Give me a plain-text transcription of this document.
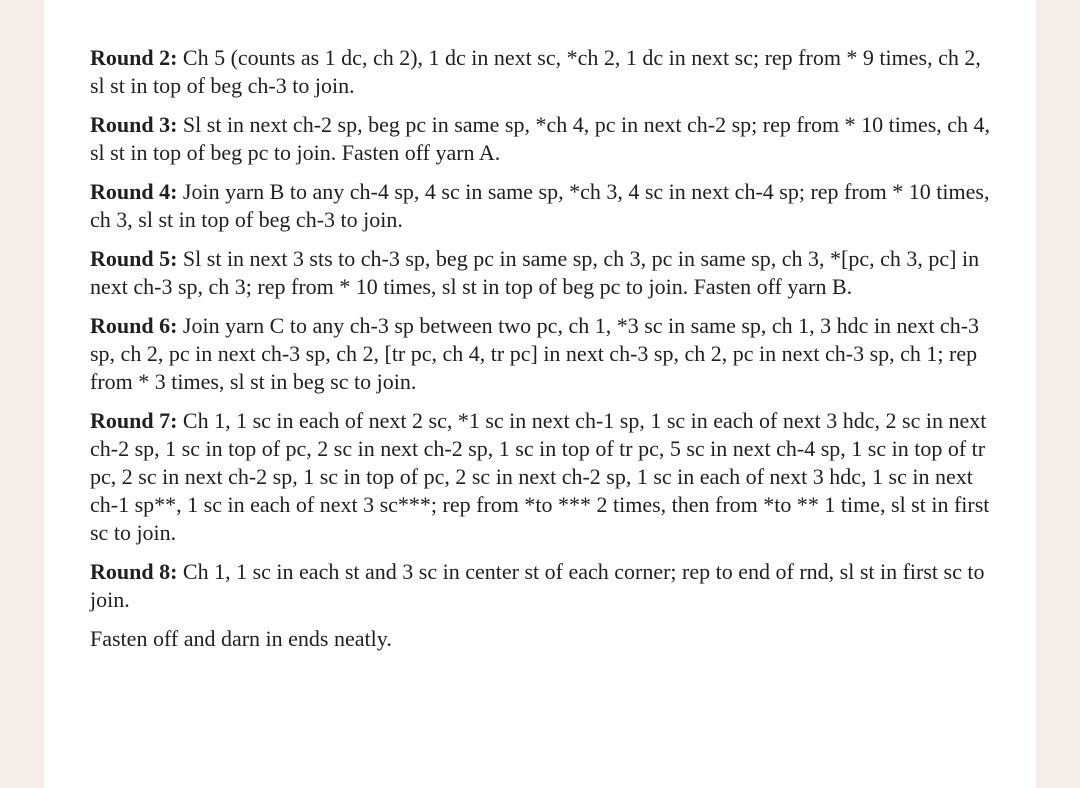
Round 2: Ch 5 (counts as 1 dc, ch 2), 1 dc in next sc, *ch 2, 1 dc in next sc; rep from * 9 times, ch 2, sl st in top of beg ch-3 to join.

Round 3: Sl st in next ch-2 sp, beg pc in same sp, *ch 4, pc in next ch-2 sp; rep from * 10 times, ch 4, sl st in top of beg pc to join. Fasten off yarn A.

Round 4: Join yarn B to any ch-4 sp, 4 sc in same sp, *ch 3, 4 sc in next ch-4 sp; rep from * 10 times, ch 3, sl st in top of beg ch-3 to join.

Round 5: Sl st in next 3 sts to ch-3 sp, beg pc in same sp, ch 3, pc in same sp, ch 3, *[pc, ch 3, pc] in next ch-3 sp, ch 3; rep from * 10 times, sl st in top of beg pc to join. Fasten off yarn B.

Round 6: Join yarn C to any ch-3 sp between two pc, ch 1, *3 sc in same sp, ch 1, 3 hdc in next ch-3 sp, ch 2, pc in next ch-3 sp, ch 2, [tr pc, ch 4, tr pc] in next ch-3 sp, ch 2, pc in next ch-3 sp, ch 1; rep from * 3 times, sl st in beg sc to join.

Round 7: Ch 1, 1 sc in each of next 2 sc, *1 sc in next ch-1 sp, 1 sc in each of next 3 hdc, 2 sc in next ch-2 sp, 1 sc in top of pc, 2 sc in next ch-2 sp, 1 sc in top of tr pc, 5 sc in next ch-4 sp, 1 sc in top of tr pc, 2 sc in next ch-2 sp, 1 sc in top of pc, 2 sc in next ch-2 sp, 1 sc in each of next 3 hdc, 1 sc in next ch-1 sp**, 1 sc in each of next 3 sc***; rep from *to *** 2 times, then from *to ** 1 time, sl st in first sc to join.

Round 8: Ch 1, 1 sc in each st and 3 sc in center st of each corner; rep to end of rnd, sl st in first sc to join.

Fasten off and darn in ends neatly.
